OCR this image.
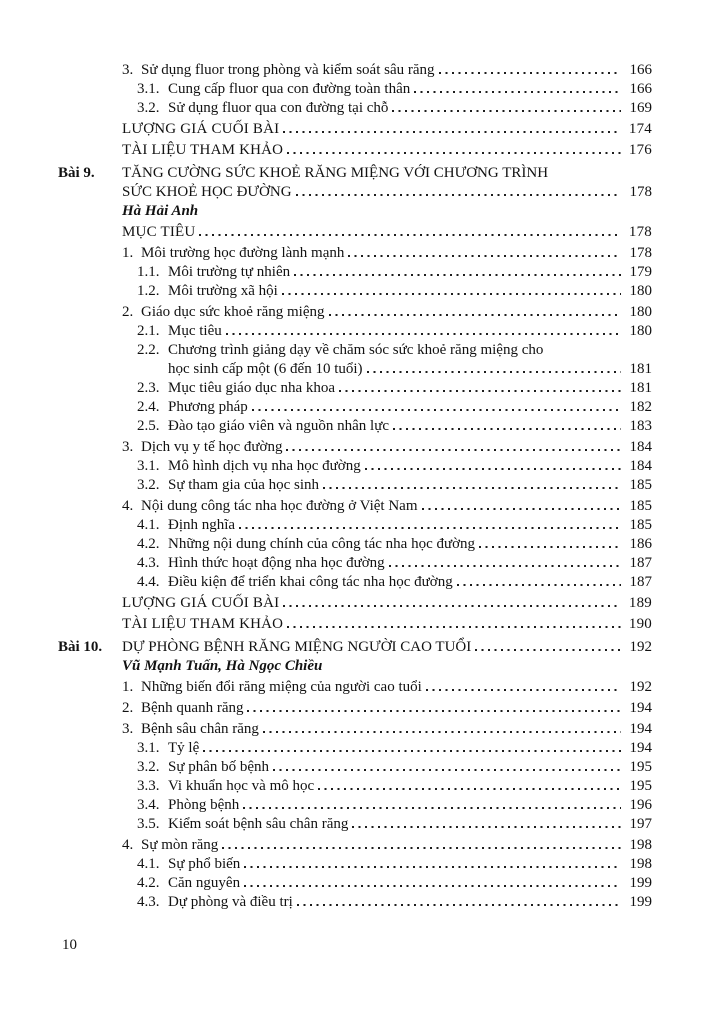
3. Sử dụng fluor trong phòng và kiểm soát sâu răng	166
3.1. Cung cấp fluor qua con đường toàn thân	166
3.2. Sử dụng fluor qua con đường tại chỗ	169
LƯỢNG GIÁ CUỐI BÀI	174
TÀI LIỆU THAM KHẢO	176
Bài 9.	TĂNG CƯỜNG SỨC KHOẺ RĂNG MIỆNG VỚI CHƯƠNG TRÌNH
SỨC KHOẺ HỌC ĐƯỜNG	178
Hà Hải Anh
MỤC TIÊU	178
1. Môi trường học đường lành mạnh	178
1.1. Môi trường tự nhiên	179
1.2. Môi trường xã hội	180
2. Giáo dục sức khoẻ răng miệng	180
2.1. Mục tiêu	180
2.2. Chương trình giảng dạy về chăm sóc sức khoẻ răng miệng cho
học sinh cấp một (6 đến 10 tuổi)	181
2.3. Mục tiêu giáo dục nha khoa	181
2.4. Phương pháp	182
2.5. Đào tạo giáo viên và nguồn nhân lực	183
3. Dịch vụ y tế học đường	184
3.1. Mô hình dịch vụ nha học đường	184
3.2. Sự tham gia của học sinh	185
4. Nội dung công tác nha học đường ở Việt Nam	185
4.1. Định nghĩa	185
4.2. Những nội dung chính của công tác nha học đường	186
4.3. Hình thức hoạt động nha học đường	187
4.4. Điều kiện để triển khai công tác nha học đường	187
LƯỢNG GIÁ CUỐI BÀI	189
TÀI LIỆU THAM KHẢO	190
Bài 10.	DỰ PHÒNG BỆNH RĂNG MIỆNG NGƯỜI CAO TUỔI	192
Vũ Mạnh Tuấn, Hà Ngọc Chiều
1. Những biến đổi răng miệng của người cao tuổi	192
2. Bệnh quanh răng	194
3. Bệnh sâu chân răng	194
3.1. Tỷ lệ	194
3.2. Sự phân bố bệnh	195
3.3. Vi khuẩn học và mô học	195
3.4. Phòng bệnh	196
3.5. Kiểm soát bệnh sâu chân răng	197
4. Sự mòn răng	198
4.1. Sự phổ biến	198
4.2. Căn nguyên	199
4.3. Dự phòng và điều trị	199
10
